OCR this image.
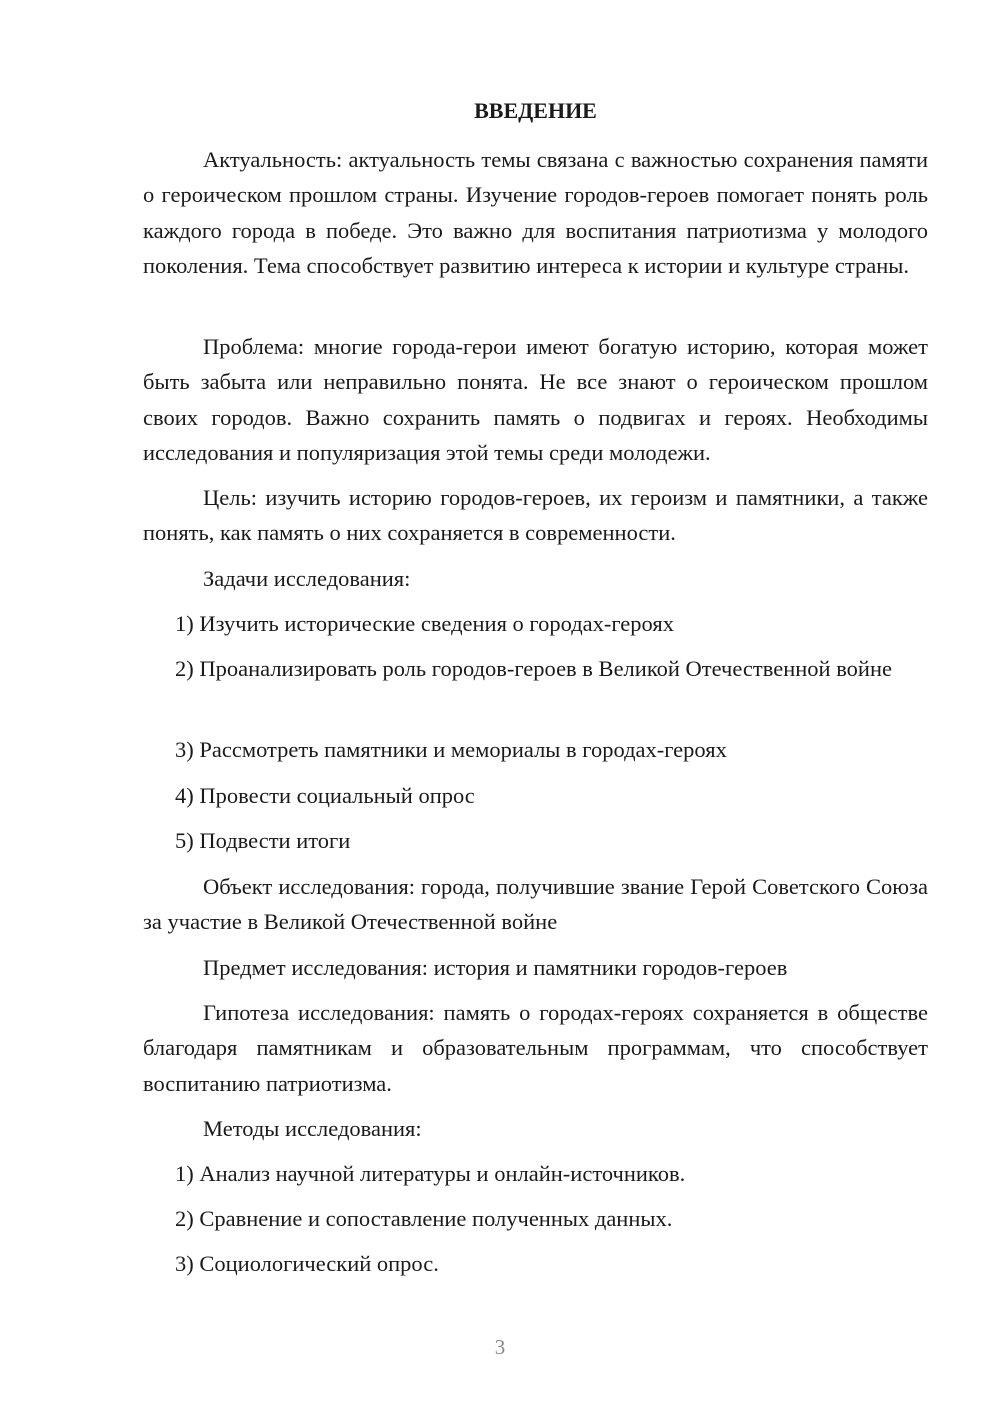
ВВЕДЕНИЕ

Актуальность: актуальность темы связана с важностью сохранения памяти о героическом прошлом страны. Изучение городов-героев помогает понять роль каждого города в победе. Это важно для воспитания патриотизма у молодого поколения. Тема способствует развитию интереса к истории и культуре страны.

Проблема: многие города-герои имеют богатую историю, которая может быть забыта или неправильно понята. Не все знают о героическом прошлом своих городов. Важно сохранить память о подвигах и героях. Необходимы исследования и популяризация этой темы среди молодежи.

Цель: изучить историю городов-героев, их героизм и памятники, а также понять, как память о них сохраняется в современности.

Задачи исследования:

1) Изучить исторические сведения о городах-героях

2) Проанализировать роль городов-героев в Великой Отечественной войне

3) Рассмотреть памятники и мемориалы в городах-героях

4) Провести социальный опрос

5) Подвести итоги

Объект исследования: города, получившие звание Герой Советского Союза за участие в Великой Отечественной войне

Предмет исследования: история и памятники городов-героев

Гипотеза исследования: память о городах-героях сохраняется в обществе благодаря памятникам и образовательным программам, что способствует воспитанию патриотизма.

Методы исследования:

1) Анализ научной литературы и онлайн-источников.

2) Сравнение и сопоставление полученных данных.

3) Социологический опрос.

3
